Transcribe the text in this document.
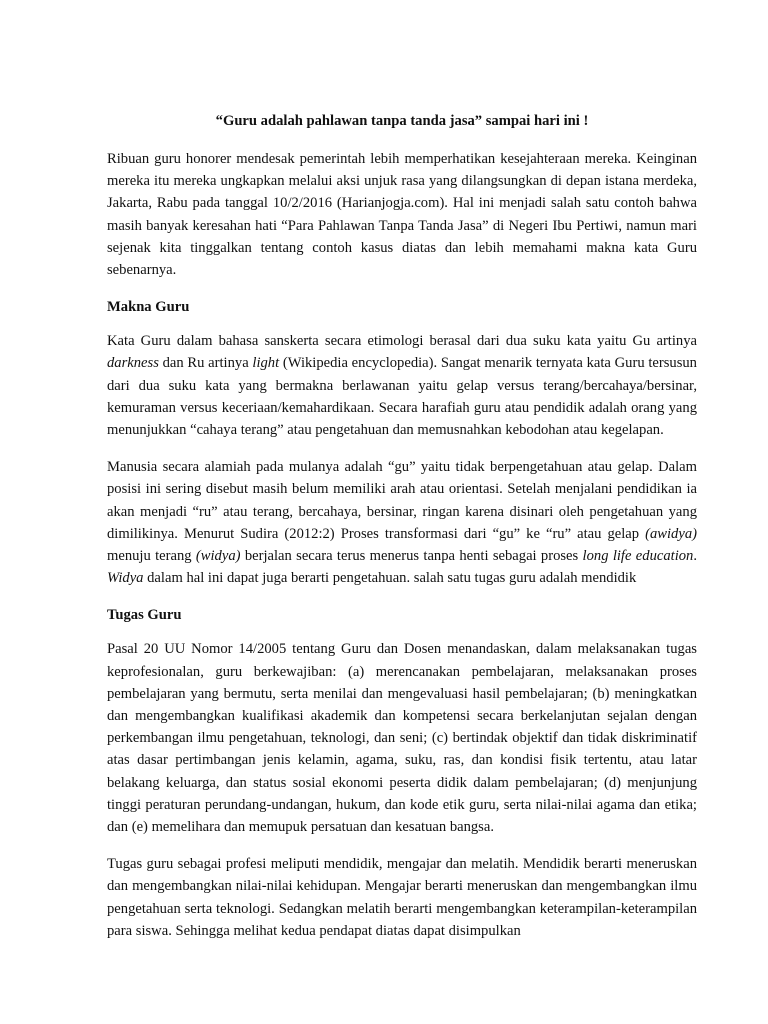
“Guru adalah pahlawan tanpa tanda jasa” sampai hari ini !

Ribuan guru honorer mendesak pemerintah lebih memperhatikan kesejahteraan mereka. Keinginan mereka itu mereka ungkapkan melalui aksi unjuk rasa yang dilangsungkan di depan istana merdeka, Jakarta, Rabu pada tanggal 10/2/2016 (Harianjogja.com). Hal ini menjadi salah satu contoh bahwa masih banyak keresahan hati “Para Pahlawan Tanpa Tanda Jasa” di Negeri Ibu Pertiwi, namun mari sejenak kita tinggalkan tentang contoh kasus diatas dan lebih memahami makna kata Guru sebenarnya.

Makna Guru

Kata Guru dalam bahasa sanskerta secara etimologi berasal dari dua suku kata yaitu Gu artinya darkness dan Ru artinya light (Wikipedia encyclopedia). Sangat menarik ternyata kata Guru tersusun dari dua suku kata yang bermakna berlawanan yaitu gelap versus terang/bercahaya/bersinar, kemuraman versus keceriaan/kemahardikaan. Secara harafiah guru atau pendidik adalah orang yang menunjukkan “cahaya terang” atau pengetahuan dan memusnahkan kebodohan atau kegelapan.

Manusia secara alamiah pada mulanya adalah “gu” yaitu tidak berpengetahuan atau gelap. Dalam posisi ini sering disebut masih belum memiliki arah atau orientasi. Setelah menjalani pendidikan ia akan menjadi “ru” atau terang, bercahaya, bersinar, ringan karena disinari oleh pengetahuan yang dimilikinya. Menurut Sudira (2012:2) Proses transformasi dari “gu” ke “ru” atau gelap (awidya) menuju terang (widya) berjalan secara terus menerus tanpa henti sebagai proses long life education. Widya dalam hal ini dapat juga berarti pengetahuan. salah satu tugas guru adalah mendidik

Tugas Guru

Pasal 20 UU Nomor 14/2005 tentang Guru dan Dosen menandaskan, dalam melaksanakan tugas keprofesionalan, guru berkewajiban: (a) merencanakan pembelajaran, melaksanakan proses pembelajaran yang bermutu, serta menilai dan mengevaluasi hasil pembelajaran; (b) meningkatkan dan mengembangkan kualifikasi akademik dan kompetensi secara berkelanjutan sejalan dengan perkembangan ilmu pengetahuan, teknologi, dan seni; (c) bertindak objektif dan tidak diskriminatif atas dasar pertimbangan jenis kelamin, agama, suku, ras, dan kondisi fisik tertentu, atau latar belakang keluarga, dan status sosial ekonomi peserta didik dalam pembelajaran; (d) menjunjung tinggi peraturan perundang-undangan, hukum, dan kode etik guru, serta nilai-nilai agama dan etika; dan (e) memelihara dan memupuk persatuan dan kesatuan bangsa.

Tugas guru sebagai profesi meliputi mendidik, mengajar dan melatih. Mendidik berarti meneruskan dan mengembangkan nilai-nilai kehidupan. Mengajar berarti meneruskan dan mengembangkan ilmu pengetahuan serta teknologi. Sedangkan melatih berarti mengembangkan keterampilan-keterampilan para siswa. Sehingga melihat kedua pendapat diatas dapat disimpulkan
